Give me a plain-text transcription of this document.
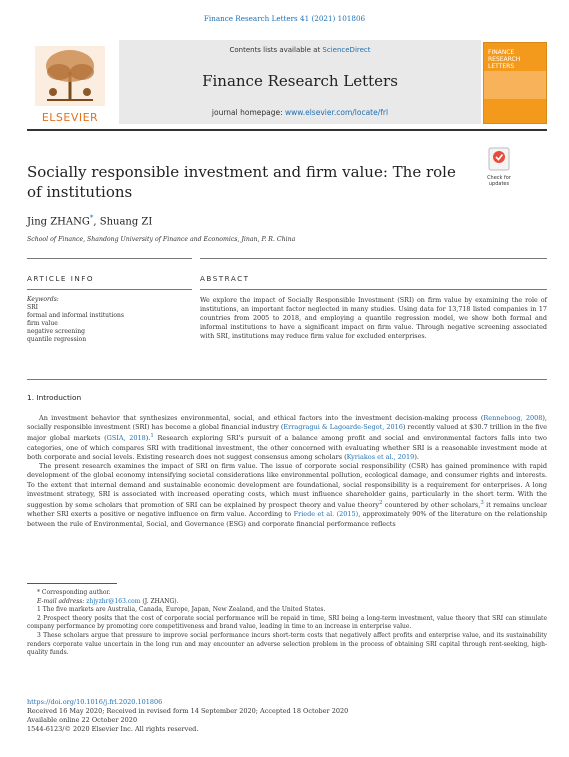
Finance Research Letters 41 (2021) 101806
ELSEVIER
Contents lists available at ScienceDirect
Finance Research Letters
journal homepage: www.elsevier.com/locate/frl
FINANCE RESEARCH LETTERS
Socially responsible investment and firm value: The role of institutions
Check for updates
Jing ZHANG*, Shuang ZI
School of Finance, Shandong University of Finance and Economics, Jinan, P. R. China
ARTICLE INFO	ABSTRACT
Keywords:
SRI
formal and informal institutions
firm value
negative screening
quantile regression
We explore the impact of Socially Responsible Investment (SRI) on firm value by examining the role of institutions, an important factor neglected in many studies. Using data for 13,718 listed companies in 17 countries from 2005 to 2018, and employing a quantile regression model, we show both formal and informal institutions to have a significant impact on firm value. Through negative screening associated with SRI, institutions may reduce firm value for excluded enterprises.
1. Introduction

An investment behavior that synthesizes environmental, social, and ethical factors into the investment decision-making process (Renneboog, 2008), socially responsible investment (SRI) has become a global financial industry (Erragragui & Lagoarde-Segot, 2016) recently valued at $30.7 trillion in the five major global markets (GSIA, 2018).$^1$ Research exploring SRI's pursuit of a balance among profit and social and environmental factors falls into two categories, one of which compares SRI with traditional investment, the other concerned with evaluating whether SRI is a reasonable investment mode at both corporate and social levels. Existing research does not suggest consensus among scholars (Kyriakos et al., 2019).

The present research examines the impact of SRI on firm value. The issue of corporate social responsibility (CSR) has gained prominence with rapid development of the global economy intensifying societal considerations like environmental pollution, ecological damage, and consumer rights and interests. To the extent that internal demand and sustainable economic development are foundational, social responsibility is a requirement for enterprises. A long investment strategy, SRI is associated with increased operating costs, which must influence shareholder gains, particularly in the short term. With the suggestion by some scholars that promotion of SRI can be explained by prospect theory and value theory$^2$ countered by other scholars,$^3$ it remains unclear whether SRI exerts a positive or negative influence on firm value. According to Friede et al. (2015), approximately 90% of the literature on the relationship between the rule of Environmental, Social, and Governance (ESG) and corporate financial performance reflects

* Corresponding author.

E-mail address: zhjyzhr@163.com (J. ZHANG).

1 The five markets are Australia, Canada, Europe, Japan, New Zealand, and the United States.

2 Prospect theory posits that the cost of corporate social performance will be repaid in time, SRI being a long-term investment, value theory that SRI can stimulate company performance by promoting core competitiveness and brand value, leading in time to an increase in enterprise value.

3 These scholars argue that pressure to improve social performance incurs short-term costs that negatively affect profits and enterprise value, and its sustainability renders corporate value uncertain in the long run and may encounter an adverse selection problem in the process of obtaining SRI capital through rent-seeking, high-quality funds.

https://doi.org/10.1016/j.frl.2020.101806
Received 16 May 2020; Received in revised form 14 September 2020; Accepted 18 October 2020
Available online 22 October 2020
1544-6123/© 2020 Elsevier Inc. All rights reserved.
